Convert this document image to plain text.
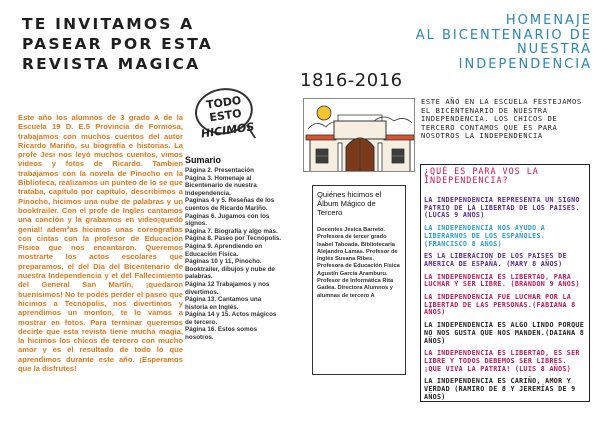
TE INVITAMOS A
PASEAR POR ESTA
REVISTA MAGICA
TODO
ESTO
HICIMOS
Este año los alumnos de 3 grado A de la Escuela 19 D. E.5 Provincia de Formosa, trabajamos con muchos cuentos del autor Ricardo Mariño, su biografía e historias. La profe Jesi nos leyó muchos cuentos, vimos videos y fotos de Ricardo. Tambien trabajamos con la novela de Pinocho en la Biblioteca, realizamos un punteo de lo se que trataba, capítulo por capítulo, describimos a Pinocho, hicimos una nube de palabras y un booktrailer. Con el profe de Ingles cantamos una canción y la grabamos en video¡quedó genial! ademªas hicimos unas coreografias con cintas con la profesor de Educación Física que nos encantaron. Queremos mostrarte los actos escolares que preparamos, el del Día del Bicentenario de nuestra Independencia y el del Fallecimiento del General San Martín, ¡quedaron buenísimos! No te podés perder el paseo que hicimos a Tecnópolis, nos divertimos y aprendimos un monton, te lo vamos a mostrar en fotos. Para terminar queremos decirte que esta revista tiene mucha magia, la hicimos los chicos de tercero con mucho amor y es el resultado de todo lo que aprendimos durante este año. ¡Esperamos que la disfrutes!
Sumario

Página 2. Presentación

Página 3. Homenaje al Bicentenario de nuestra Independencia.

Paginas 4 y 5. Reseñas de los cuentos de Ricardo Mariño.

Paginas 6. Jugamos con los signos.

Página 7. Biografía y algo más.

Página 8. Paseo por Tecnópolis.

Página 9. Aprendiendo en Educación Física.

Páginas 10 y 11, Pinocho. Booktrailer, dibujos y nube de palabras.

Página 12 Trabajamos y nos divertimos.

Página 13. Cantamos una historia en Inglés.

Página 14 y 15. Actos mágicos de tercero.

Página 16. Estos somos nosotros.

1816-2016
HOMENAJE
AL BICENTENARIO DE
NUESTRA
INDEPENDENCIA
Quiénes hicimos el Álbum Mágico de Tercero

Docentes Jesica Barreto. Profesora de tercer grado Isabel Taboada. Bibliotecaria Alejandro Lamas. Profesor de Inglés Susana Ribes. Profesora de Educación Física Agustín García Aramburu. Profesor de Informática Rita Gadea. Directora Alumnos y alumnas de tercero A

ESTE AÑO EN LA ESCUELA FESTEJAMOS EL BICENTENARIO DE NUESTRA INDEPENDENCIA. LOS CHICOS DE TERCERO CONTAMOS QUE ES PARA NOSOTROS LA INDEPENDENCIA
¿QUÉ ES PARA VOS LA INDEPENDENCIA?

LA INDEPENDENCIA REPRESENTA UN SIGNO PATRIO DE LA LIBERTAD DE LOS PAISES.(LUCAS 9 AÑOS)

LA INDEPENDENCIA NOS AYUDO A LIBERARNOS DE LOS ESPAÑOLES. (FRANCISCO 8 AÑOS)

ES LA LIBERACION DE LOS PAISES DE AMERICA DE ESPAÑA. (MARY 8 AÑOS)

LA INDEPENDENCIA ES LIBERTAD, PARA LUCHAR Y SER LIBRE. (BRANDON 9 AÑOS)

LA INDEPENDENCIA FUE LUCHAR POR LA LIBERTAD DE LAS PERSONAS.(FABIANA 8 AÑOS)

LA INDEPENDENCIA ES ALGO LINDO PORQUE NO NOS GUSTA QUE NOS MANDEN.(DAIANA 8 AÑOS)

LA INDEPENDENCIA ES LIBERTAD, ES SER LIBRE Y TODOS DEBEMOS SER LIBRES. ¡QUE VIVA LA PATRIA! (LUIS 8 AÑOS)

LA INDEPENDENCIA ES CARIÑO, AMOR Y VERDAD (RAMIRO DE 8 Y JEREMÍAS DE 9 AÑOS)
